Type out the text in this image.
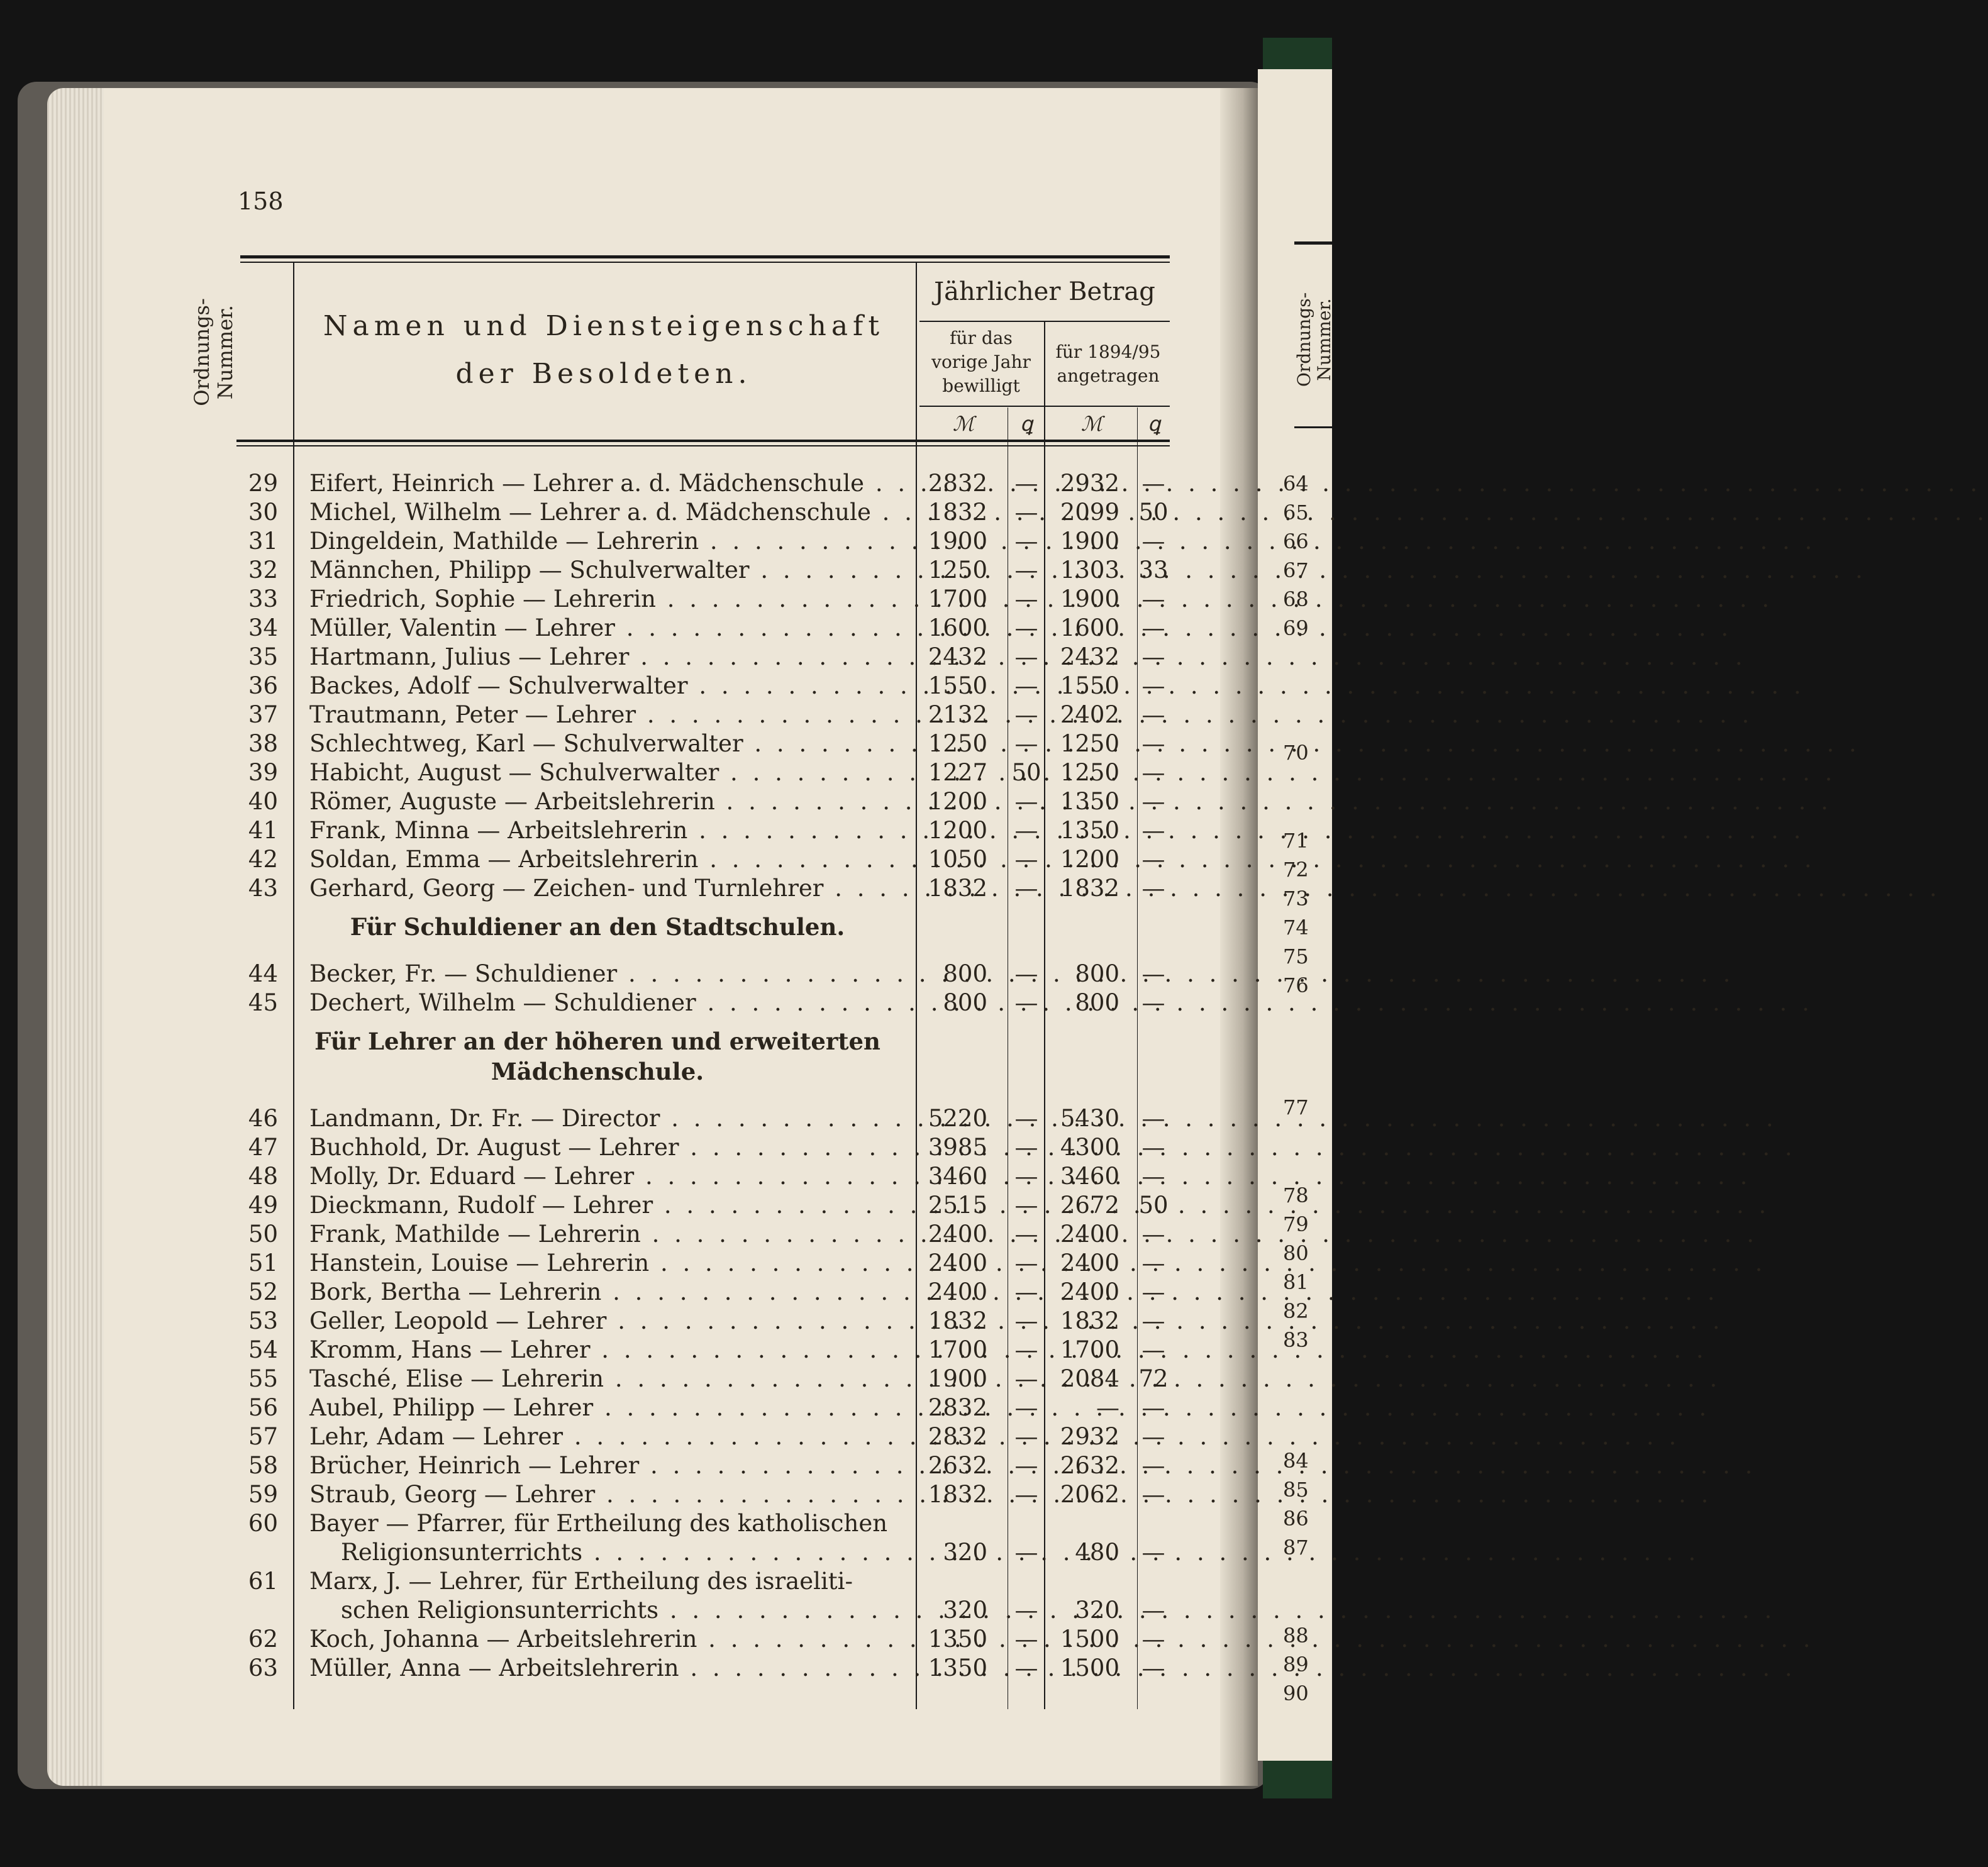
158
Ordnungs-
Nummer.	Namen und Diensteigenschaft
der Besoldeten.
Jährlicher Betrag
für das
vorige Jahr
bewilligt
für 1894/95
angetragen
ℳ	ꝗ	ℳ	ꝗ
29 Eifert, Heinrich — Lehrer a. d. Mädchenschule . . .	2832 — 2932 —
30 Michel, Wilhelm — Lehrer a. d. Mädchenschule . . .	1832 — 2099 50
31 Dingeldein, Mathilde — Lehrerin . . .	1900 — 1900 —
32 Männchen, Philipp — Schulverwalter . . .	1250 — 1303 33
33 Friedrich, Sophie — Lehrerin . . .	1700 — 1900 —
34 Müller, Valentin — Lehrer . . .	1600 — 1600 —
35 Hartmann, Julius — Lehrer . . .	2432 — 2432 —
36 Backes, Adolf — Schulverwalter . . .	1550 — 1550 —
37 Trautmann, Peter — Lehrer . . .	2132 — 2402 —
38 Schlechtweg, Karl — Schulverwalter . . .	1250 — 1250 —
39 Habicht, August — Schulverwalter . . .	1227 50 1250 —
40 Römer, Auguste — Arbeitslehrerin . . .	1200 — 1350 —
41 Frank, Minna — Arbeitslehrerin . . .	1200 — 1350 —
42 Soldan, Emma — Arbeitslehrerin . . .	1050 — 1200 —
43 Gerhard, Georg — Zeichen- und Turnlehrer . . .	1832 — 1832 —
Für Schuldiener an den Stadtschulen.
44 Becker, Fr. — Schuldiener . . .	800 —	800 —
45 Dechert, Wilhelm — Schuldiener . . .	800 —	800 —
Für Lehrer an der höheren und erweiterten
Mädchenschule.
46 Landmann, Dr. Fr. — Director . . .	5220 — 5430 —
47 Buchhold, Dr. August — Lehrer . . .	3985 — 4300 —
48 Molly, Dr. Eduard — Lehrer . . .	3460 — 3460 —
49 Dieckmann, Rudolf — Lehrer . . .	2515 — 2672 50
50 Frank, Mathilde — Lehrerin . . .	2400 — 2400 —
51 Hanstein, Louise — Lehrerin . . .	2400 — 2400 —
52 Bork, Bertha — Lehrerin . . .	2400 — 2400 —
53 Geller, Leopold — Lehrer . . .	1832 — 1832 —
54 Kromm, Hans — Lehrer . . .	1700 — 1700 —
55 Tasché, Elise — Lehrerin . . .	1900 — 2084 72
56 Aubel, Philipp — Lehrer . . .	2832 —	— —
57 Lehr, Adam — Lehrer . . .	2832 — 2932 —
58 Brücher, Heinrich — Lehrer . . .	2632 — 2632 —
59 Straub, Georg — Lehrer . . .	1832 — 2062 —
60 Bayer — Pfarrer, für Ertheilung des katholischen
Religionsunterrichts . . .	320 —	480 —
61 Marx, J. — Lehrer, für Ertheilung des israeliti-
schen Religionsunterrichts . . .	320 —	320 —
62 Koch, Johanna — Arbeitslehrerin . . .	1350 — 1500 —
63 Müller, Anna — Arbeitslehrerin . . .	1350 — 1500 —
64
65
66
67
68
69
70
71
72
73
74
75
76
77
78
79
80
81
82
83
84
85
86
87
88
89
90
Ordnungs-
Nummer.
